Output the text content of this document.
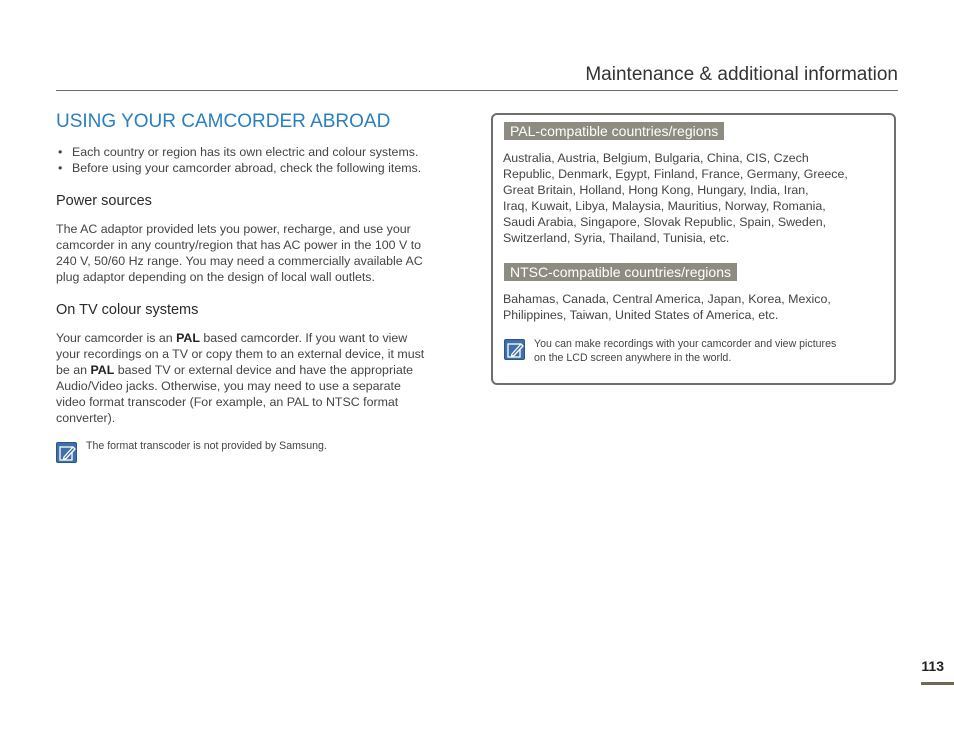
Maintenance & additional information
USING YOUR CAMCORDER ABROAD
• Each country or region has its own electric and colour systems.
• Before using your camcorder abroad, check the following items.
Power sources

The AC adaptor provided lets you power, recharge, and use your
camcorder in any country/region that has AC power in the 100 V to
240 V, 50/60 Hz range. You may need a commercially available AC
plug adaptor depending on the design of local wall outlets.

On TV colour systems

Your camcorder is an PAL based camcorder. If you want to view
your recordings on a TV or copy them to an external device, it must
be an PAL based TV or external device and have the appropriate
Audio/Video jacks. Otherwise, you may need to use a separate
video format transcoder (For example, an PAL to NTSC format
converter).

The format transcoder is not provided by Samsung.

PAL-compatible countries/regions

Australia, Austria, Belgium, Bulgaria, China, CIS, Czech
Republic, Denmark, Egypt, Finland, France, Germany, Greece,
Great Britain, Holland, Hong Kong, Hungary, India, Iran,
Iraq, Kuwait, Libya, Malaysia, Mauritius, Norway, Romania,
Saudi Arabia, Singapore, Slovak Republic, Spain, Sweden,
Switzerland, Syria, Thailand, Tunisia, etc.

NTSC-compatible countries/regions

Bahamas, Canada, Central America, Japan, Korea, Mexico,
Philippines, Taiwan, United States of America, etc.

You can make recordings with your camcorder and view pictures
on the LCD screen anywhere in the world.

113
